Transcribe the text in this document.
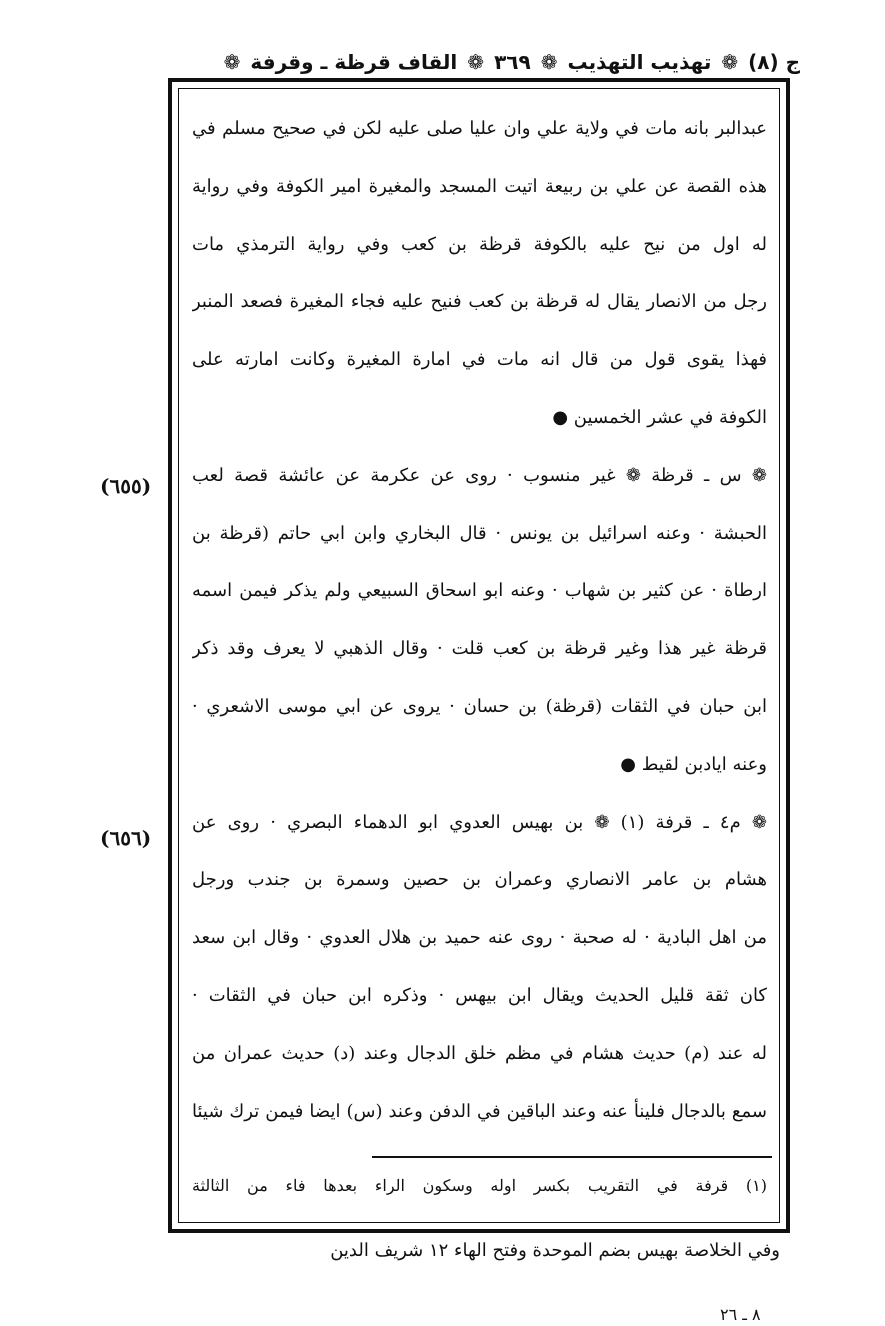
ج (٨)
❁
تهذيب التهذيب
❁
٣٦٩
❁
القاف قرظة ـ وقرفة
❁
عبدالبر بانه مات في ولاية علي وان عليا صلى عليه لكن في صحيح مسلم في
هذه القصة عن علي بن ربيعة اتيت المسجد والمغيرة امير الكوفة وفي رواية
له اول من نيح عليه بالكوفة قرظة بن كعب وفي رواية الترمذي مات
رجل من الانصار يقال له قرظة بن كعب فنيح عليه فجاء المغيرة فصعد المنبر
فهذا يقوى قول من قال انه مات في امارة المغيرة وكانت امارته على
الكوفة في عشر الخمسين ●
❁ س ـ قرظة ❁ غير منسوب · روى عن عكرمة عن عائشة قصة لعب
الحبشة · وعنه اسرائيل بن يونس · قال البخاري وابن ابي حاتم (قرظة بن
ارطاة · عن كثير بن شهاب · وعنه ابو اسحاق السبيعي ولم يذكر فيمن اسمه
قرظة غير هذا وغير قرظة بن كعب قلت · وقال الذهبي لا يعرف وقد ذكر
ابن حبان في الثقات (قرظة) بن حسان · يروى عن ابي موسى الاشعري ·
وعنه ايادبن لقيط ●
❁ م٤ ـ قرفة (١) ❁ بن بهيس العدوي ابو الدهماء البصري · روى عن
هشام بن عامر الانصاري وعمران بن حصين وسمرة بن جندب ورجل
من اهل البادية · له صحبة · روى عنه حميد بن هلال العدوي · وقال ابن سعد
كان ثقة قليل الحديث ويقال ابن بيهس · وذكره ابن حبان في الثقات ·
له عند (م) حديث هشام في مظم خلق الدجال وعند (د) حديث عمران من
سمع بالدجال فلينأ عنه وعند الباقين في الدفن وعند (س) ايضا فيمن ترك شيئا
(٦٥٥)
(٦٥٦)
(١) قرفة في التقريب بكسر اوله وسكون الراء بعدها فاء من الثالثة
وفي الخلاصة بهيس بضم الموحدة وفتح الهاء ١٢ شريف الدين
٨ ـ ٢٦
